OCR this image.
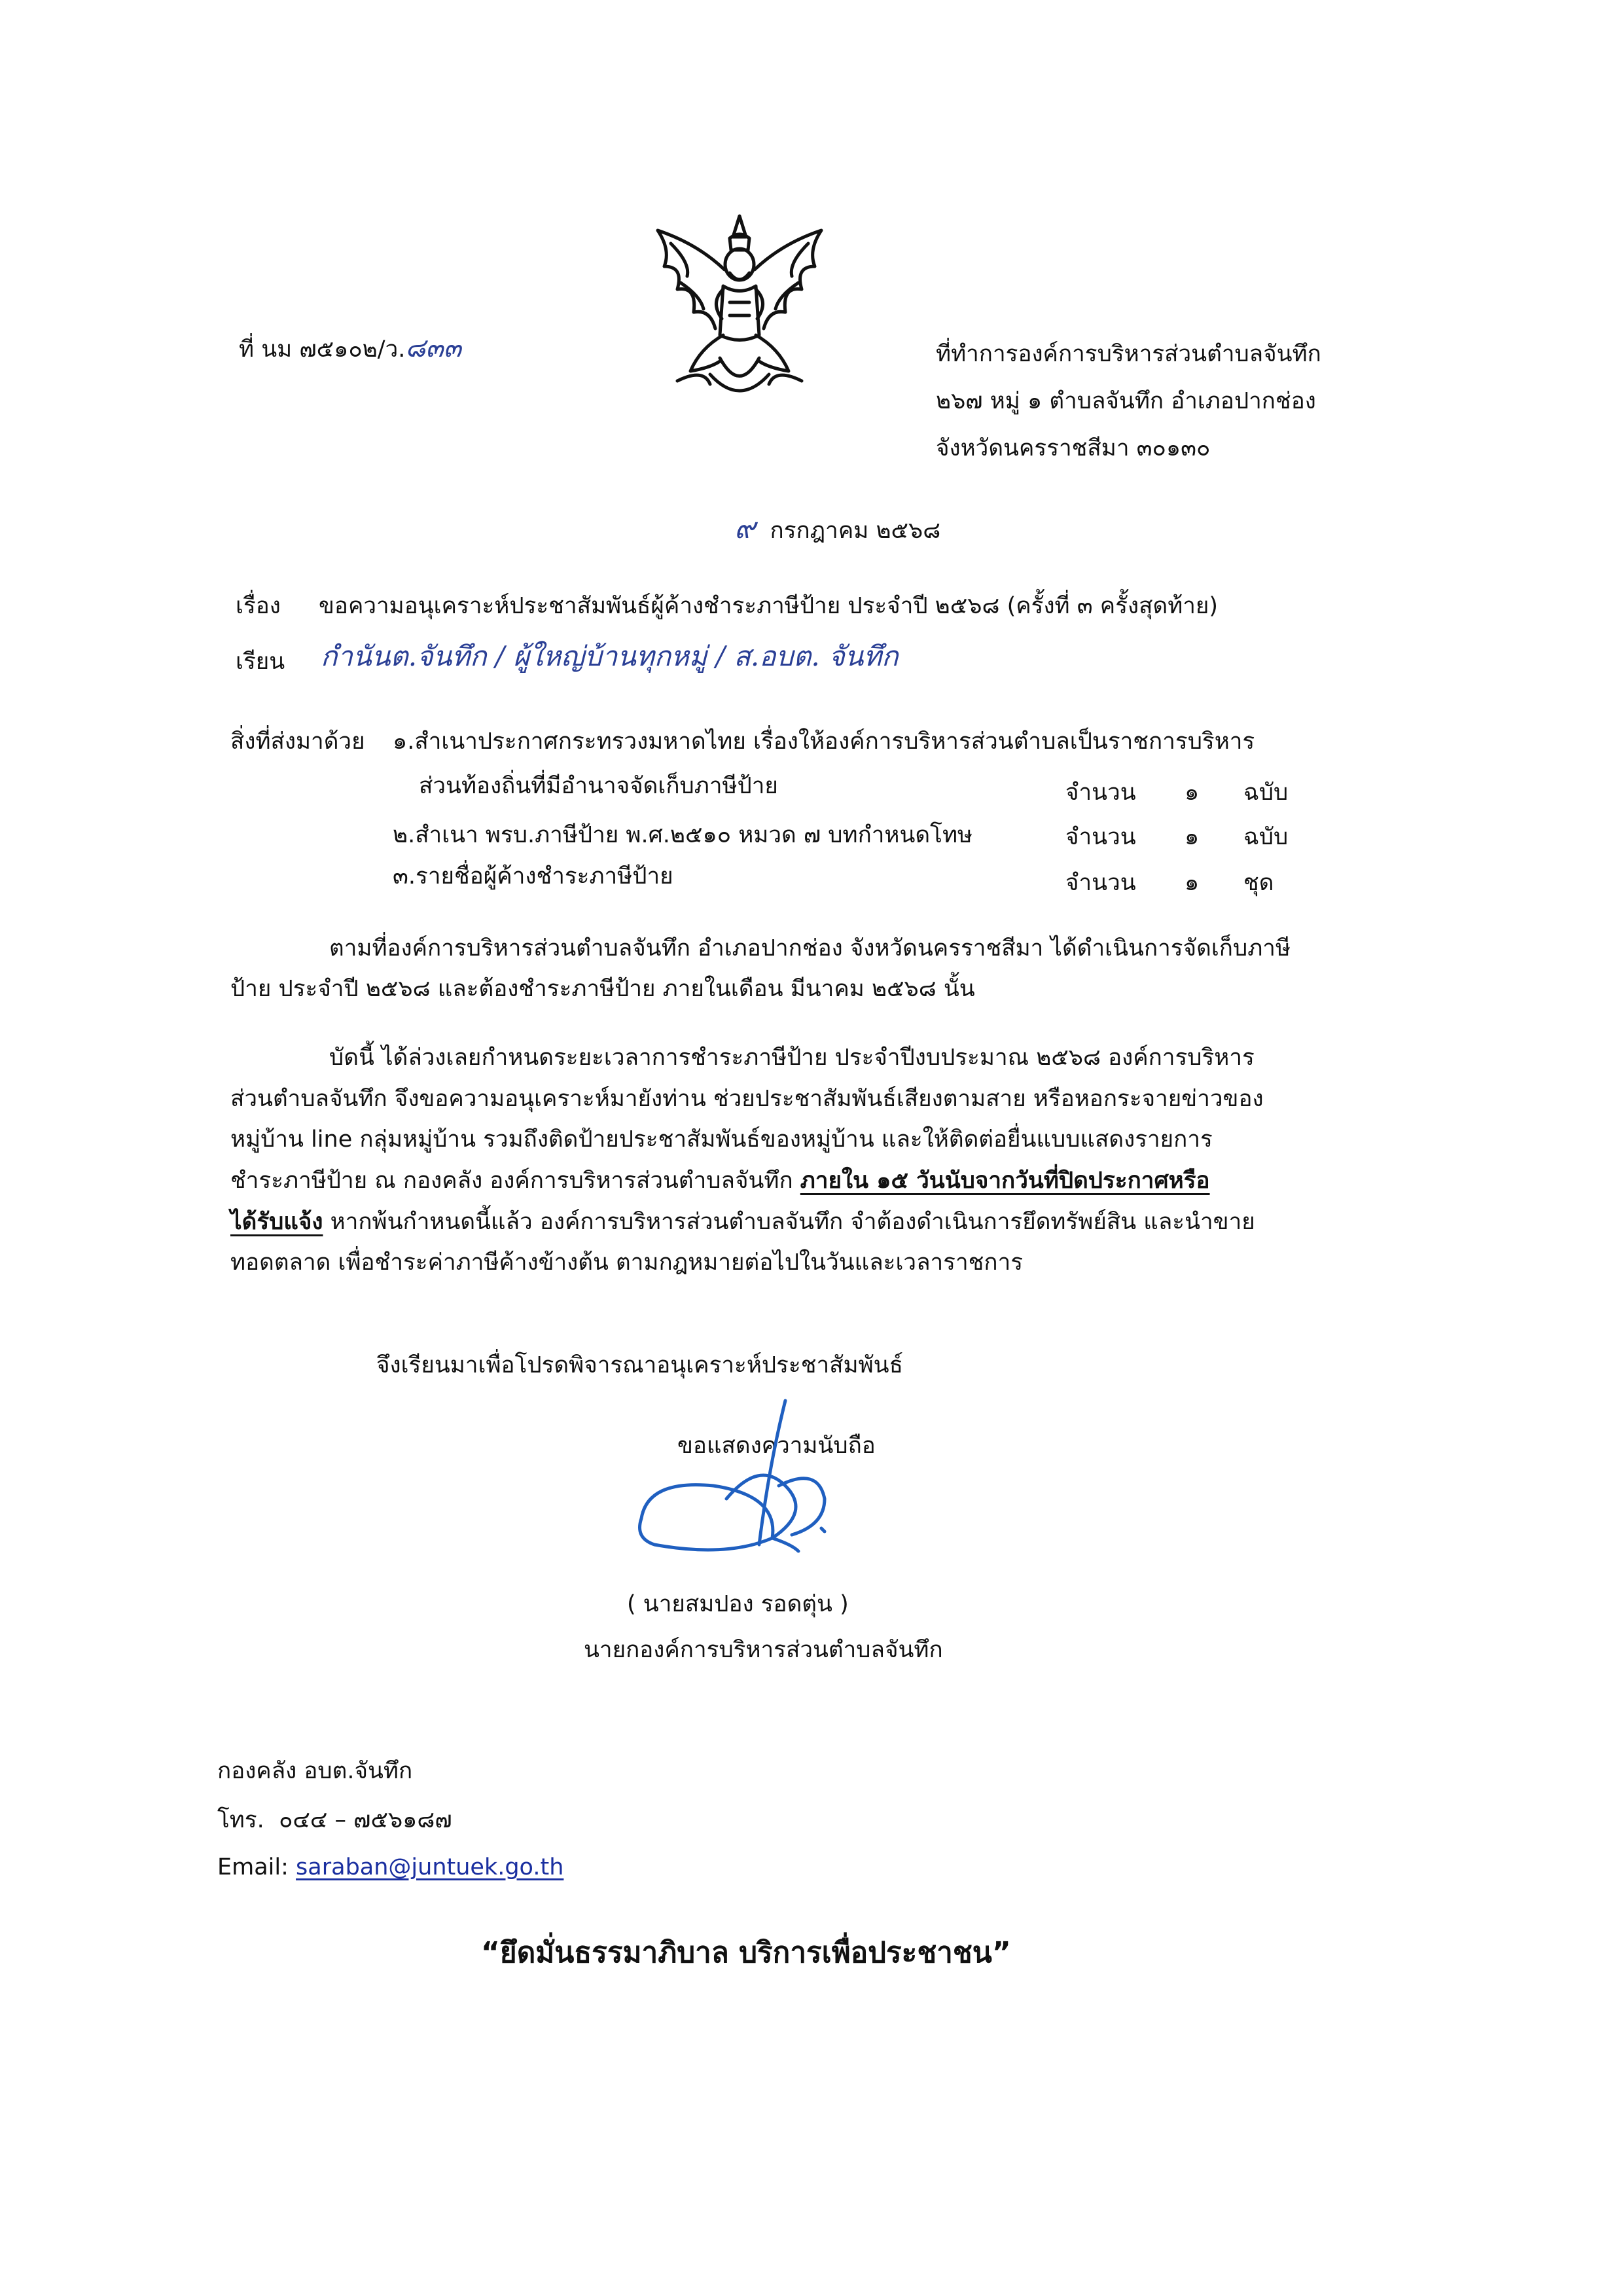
ที่ นม ๗๕๑๐๒/ว.๘๓๓	ที่ทำการองค์การบริหารส่วนตำบลจันทึก
๒๖๗ หมู่ ๑ ตำบลจันทึก อำเภอปากช่อง
จังหวัดนครราชสีมา ๓๐๑๓๐
๙ กรกฎาคม ๒๕๖๘
เรื่อง ขอความอนุเคราะห์ประชาสัมพันธ์ผู้ค้างชำระภาษีป้าย ประจำปี ๒๕๖๘ (ครั้งที่ ๓ ครั้งสุดท้าย)
เรียน กำนันต.จันทึก / ผู้ใหญ่บ้านทุกหมู่ / ส.อบต. จันทึก
สิ่งที่ส่งมาด้วย ๑.สำเนาประกาศกระทรวงมหาดไทย เรื่องให้องค์การบริหารส่วนตำบลเป็นราชการบริหาร
ส่วนท้องถิ่นที่มีอำนาจจัดเก็บภาษีป้าย	จำนวน ๑ ฉบับ
๒.สำเนา พรบ.ภาษีป้าย พ.ศ.๒๕๑๐ หมวด ๗ บทกำหนดโทษ	จำนวน ๑ ฉบับ
๓.รายชื่อผู้ค้างชำระภาษีป้าย	จำนวน ๑ ชุด
ตามที่องค์การบริหารส่วนตำบลจันทึก อำเภอปากช่อง จังหวัดนครราชสีมา ได้ดำเนินการจัดเก็บภาษี
ป้าย ประจำปี ๒๕๖๘ และต้องชำระภาษีป้าย ภายในเดือน มีนาคม ๒๕๖๘ นั้น
บัดนี้ ได้ล่วงเลยกำหนดระยะเวลาการชำระภาษีป้าย ประจำปีงบประมาณ ๒๕๖๘ องค์การบริหาร
ส่วนตำบลจันทึก จึงขอความอนุเคราะห์มายังท่าน ช่วยประชาสัมพันธ์เสียงตามสาย หรือหอกระจายข่าวของ
หมู่บ้าน line กลุ่มหมู่บ้าน รวมถึงติดป้ายประชาสัมพันธ์ของหมู่บ้าน และให้ติดต่อยื่นแบบแสดงรายการ
ชำระภาษีป้าย ณ กองคลัง องค์การบริหารส่วนตำบลจันทึก ภายใน ๑๕ วันนับจากวันที่ปิดประกาศหรือ
ได้รับแจ้ง หากพ้นกำหนดนี้แล้ว องค์การบริหารส่วนตำบลจันทึก จำต้องดำเนินการยึดทรัพย์สิน และนำขาย
ทอดตลาด เพื่อชำระค่าภาษีค้างข้างต้น ตามกฎหมายต่อไปในวันและเวลาราชการ
จึงเรียนมาเพื่อโปรดพิจารณาอนุเคราะห์ประชาสัมพันธ์
ขอแสดงความนับถือ
( นายสมปอง รอดตุ่น )
นายกองค์การบริหารส่วนตำบลจันทึก
กองคลัง อบต.จันทึก
โทร. ๐๔๔ – ๗๕๖๑๘๗
Email: saraban@juntuek.go.th
“ยึดมั่นธรรมาภิบาล บริการเพื่อประชาชน”
